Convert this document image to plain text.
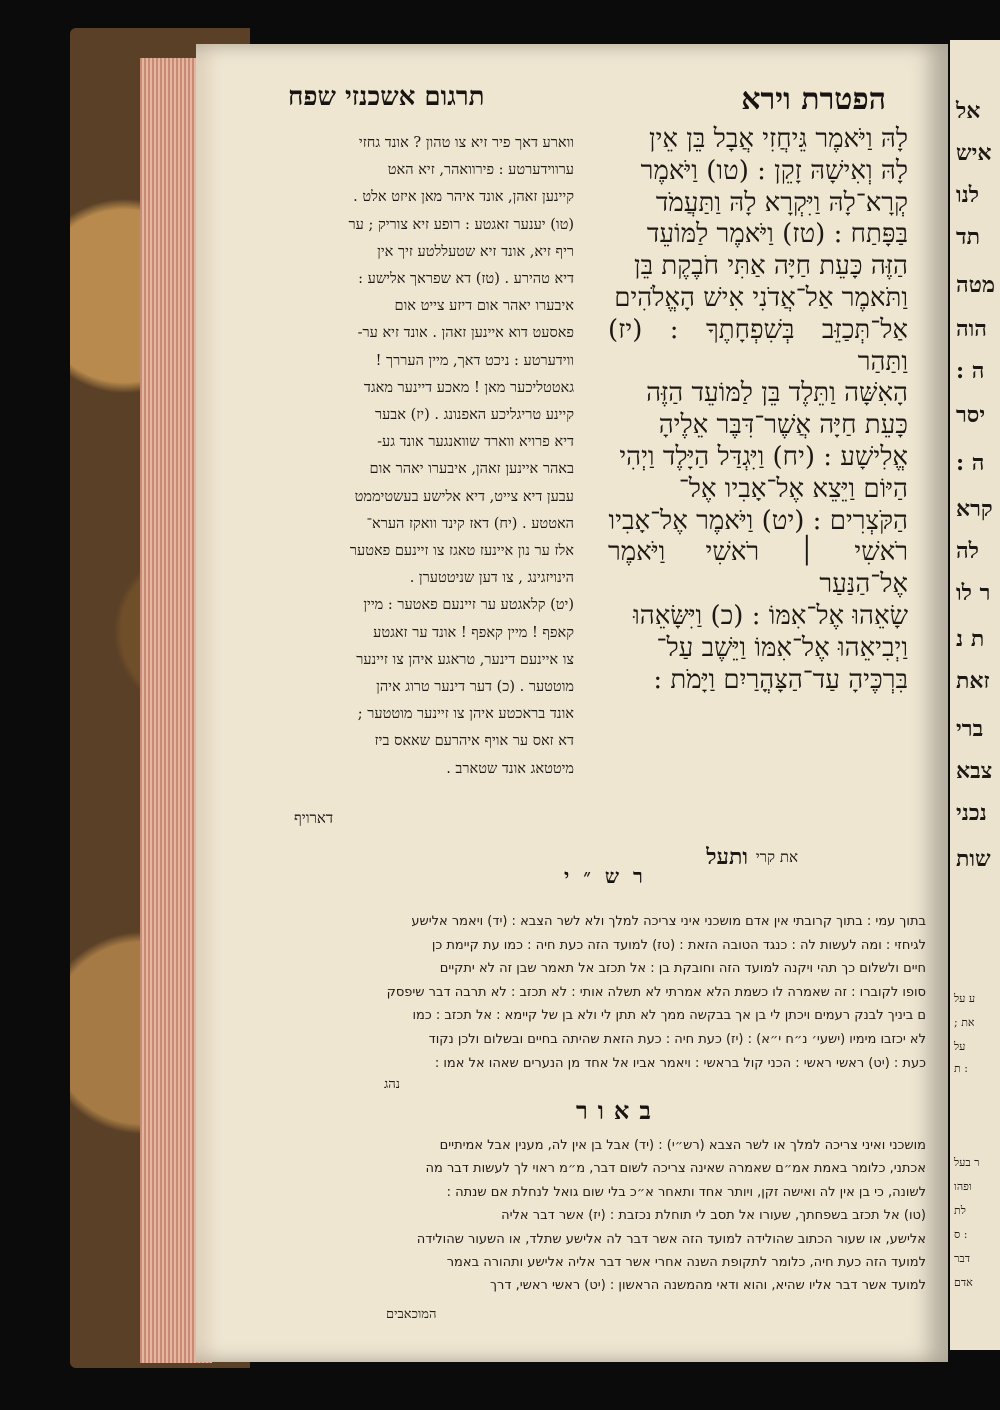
הפטרת וירא
תרגום אשכנזי שפח

לָהּ וַיֹּאמֶר גֵּיחֲזִי אֲבָל בֵּן אֵין

לָהּ וְאִישָׁהּ זָקֵן : (טו) וַיֹּאמֶר

קְרָא־לָהּ וַיִּקְרָא לָהּ וַתַּעֲמֹד

בַּפָּתַח : (טז) וַיֹּאמֶר לַמּוֹעֵד

הַזֶּה כָּעֵת חַיָּה אַתִּי חֹבֶקֶת בֵּן

וַתֹּאמֶר אַל־אֲדֹנִי אִישׁ הָאֱלֹהִים

אַל־תְּכַזֵּב בְּשִׁפְחָתֶךָ : (יז) וַתַּהַר

הָאִשָּׁה וַתֵּלֶד בֵּן לַמּוֹעֵד הַזֶּה

כָּעֵת חַיָּה אֲשֶׁר־דִּבֶּר אֵלֶיהָ

אֱלִישָׁע : (יח) וַיִּגְדַּל הַיָּלֶד וַיְהִי

הַיּוֹם וַיֵּצֵא אֶל־אָבִיו אֶל־

הַקֹּצְרִים : (יט) וַיֹּאמֶר אֶל־אָבִיו

רֹאשִׁי ׀ רֹאשִׁי וַיֹּאמֶר אֶל־הַנַּעַר

שָׂאֵהוּ אֶל־אִמּוֹ : (כ) וַיִּשָּׂאֵהוּ

וַיְבִיאֵהוּ אֶל־אִמּוֹ וַיֵּשֶׁב עַל־

בִּרְכֶּיהָ עַד־הַצָּהֳרַיִם וַיָּמֹת :

ווארע דאך פיר זיא צו טהון ? אונד גחזי

ערווידערטע : פירוואהר, זיא האט

קיינען זאהן, אונד איהר מאן איזט אלט .

(טו) יענער זאגטע : רופע זיא צוריק ; ער

ריף זיא, אונד זיא שטעללטע זיך אין

דיא טהירע . (טז) דא שפראך אלישע :

איבערו יאהר אום דיזע צייט אום

פאסעט דוא איינען זאהן . אונד זיא ער-

ווידערטע : ניכט דאך, מיין העררך !

גאטטליכער מאן ! מאכע דיינער מאגד

קיינע טריגליכע האפנונג . (יז) אבער

דיא פרויא ווארד שוואנגער אונד גע-

באהר איינען זאהן, איבערו יאהר אום

עבען דיא צייט, דיא אלישע בעשטיממט

האטטע . (יח) דאז קינד וואקז הערא־

אלז ער נון איינעז טאגז צו זיינעם פאטער

הינויזגינג , צו דען שניטטערן .

(יט) קלאגטע ער זיינעם פאטער : מיין

קאפף ! מיין קאפף ! אונד ער זאגטע

צו איינעם דינער, טראגע איהן צו זיינער

מוטטער . (כ) דער דינער טרוג איהן

אונד בראכטע איהן צו זיינער מוטטער ;

דא זאס ער אויף איהרעם שאאס ביז

מיטטאג אונד שטארב .

דארויף
ותעל את קרי
רש״י

בתוך עמי : בתוך קרובתי אין אדם מושכני איני צריכה למלך ולא לשר הצבא : (יד) ויאמר אלישע

לגיחזי : ומה לעשות לה : כנגד הטובה הזאת : (טז) למועד הזה כעת חיה : כמו עת קיימת כן

חיים ולשלום כך תהי ויקנה למועד הזה וחובקת בן : אל תכזב אל תאמר שבן זה לא יתקיים

סופו לקוברו : זה שאמרה לו כשמת הלא אמרתי לא תשלה אותי : לא תכזב : לא תרבה דבר שיפסק

ם ביניך לבנק רעמים ויכתן לי בן אך בבקשה ממך לא תתן לי ולא בן של קיימא : אל תכזב : כמו

לא יכזבו מימיו (ישעי׳ נ״ח י״א) : (יז) כעת חיה : כעת הזאת שהיתה בחיים ובשלום ולכן נקוד

כעת : (יט) ראשי ראשי : הכני קול בראשי : ויאמר אביו אל אחד מן הנערים שאהו אל אמו :

נהג
באור

מושכני ואיני צריכה למלך או לשר הצבא (רש״י) : (יד) אבל בן אין לה, מענין אבל אמיתיים

אכתני, כלומר באמת אמ״ם שאמרה שאינה צריכה לשום דבר, מ״מ ראוי לך לעשות דבר מה

לשונה, כי בן אין לה ואישה זקן, ויותר אחד ותאחר א״כ בלי שום גואל לנחלת אם שנתה :

(טו) אל תכזב בשפחתך, שעורו אל תסב לי תוחלת נכזבת : (יז) אשר דבר אליה

אלישע, או שעור הכתוב שהולידה למועד הזה אשר דבר לה אלישע שתלד, או השעור שהולידה

למועד הזה כעת חיה, כלומר לתקופת השנה אחרי אשר דבר אליה אלישע ותהורה באמר

למועד אשר דבר אליו שהיא, והוא ודאי מהמשנה הראשון : (יט) ראשי ראשי, דרך

המוכאבים
אל
איש
לנו
תד
מטה
הוה
ה :
יסר
ה :
קרא
לה
ר לו
ת נ
זאת
ברי
צבא
נכני
שות
ע על
; את
על
ת :
ר בעל
ופהו
לת
ס :
דבר
אדם
